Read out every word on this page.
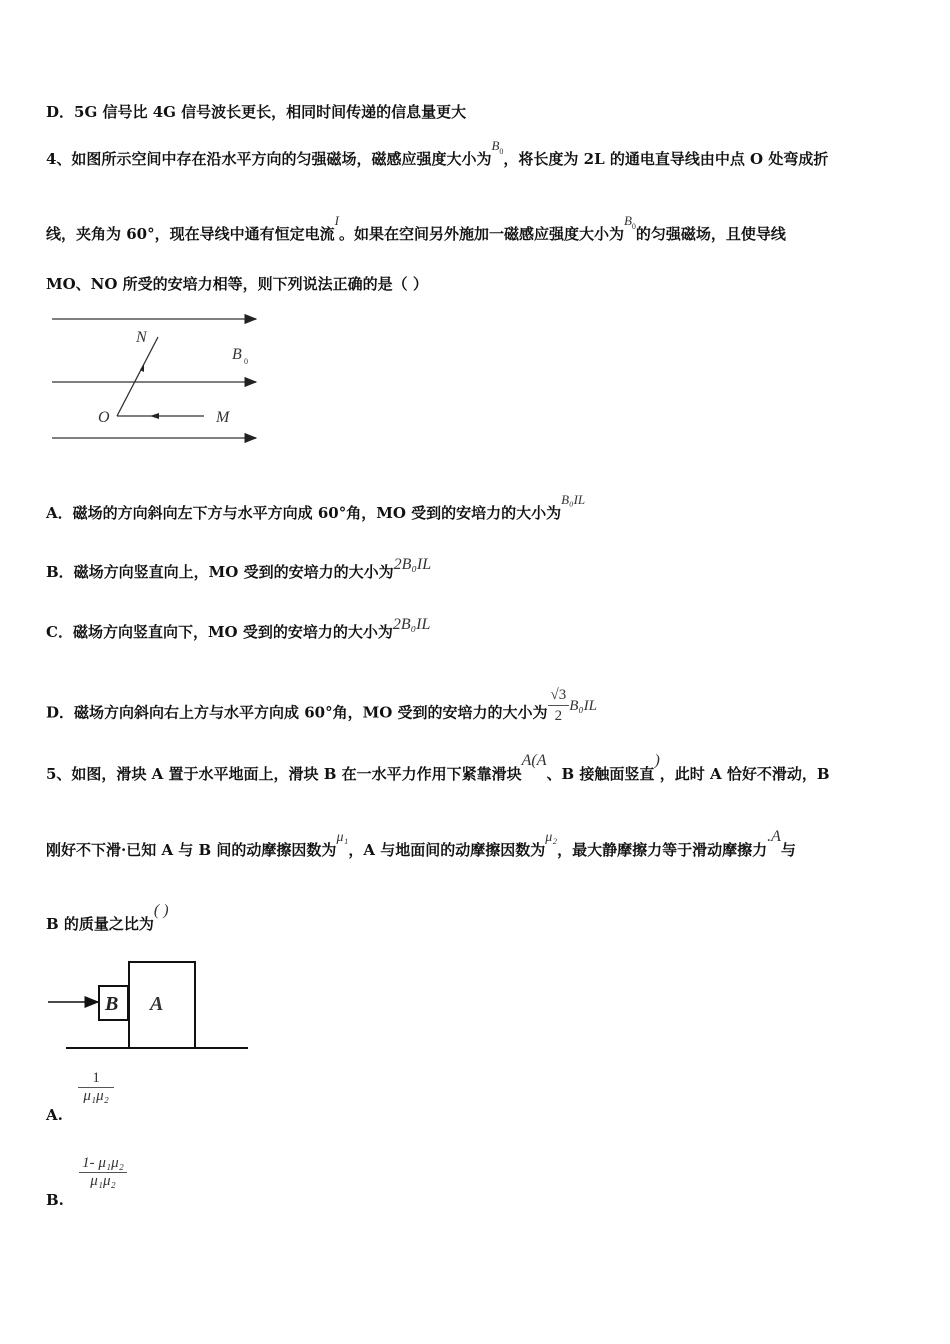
D．5G 信号比 4G 信号波长更长，相同时间传递的信息量更大
4、如图所示空间中存在沿水平方向的匀强磁场，磁感应强度大小为$B_0$，将长度为 2L 的通电直导线由中点 O 处弯成折
线，夹角为 60°，现在导线中通有恒定电流I。如果在空间另外施加一磁感应强度大小为$B_0$的匀强磁场，且使导线
MO、NO 所受的安培力相等，则下列说法正确的是（ ）
N
O	M
B 0
A．磁场的方向斜向左下方与水平方向成 60°角，MO 受到的安培力的大小为B₀IL
B．磁场方向竖直向上，MO 受到的安培力的大小为2B₀IL
C．磁场方向竖直向下，MO 受到的安培力的大小为2B₀IL
D．磁场方向斜向右上方与水平方向成 60°角，MO 受到的安培力的大小为 $\frac{√3}{2} B_0IL$
5、如图，滑块 A 置于水平地面上，滑块 B 在一水平力作用下紧靠滑块A(A、B 接触面竖直)，此时 A 恰好不滑动，B
刚好不下滑·已知 A 与 B 间的动摩擦因数为μ₁，A 与地面间的动摩擦因数为μ₂，最大静摩擦力等于滑动摩擦力.A与
B 的质量之比为( )
B A
A.
$\frac{1}{\text{μ₁μ₂}}$
B.
$\frac{\text{1- μ₁μ₂}}{\text{μ₁μ₂}}$
